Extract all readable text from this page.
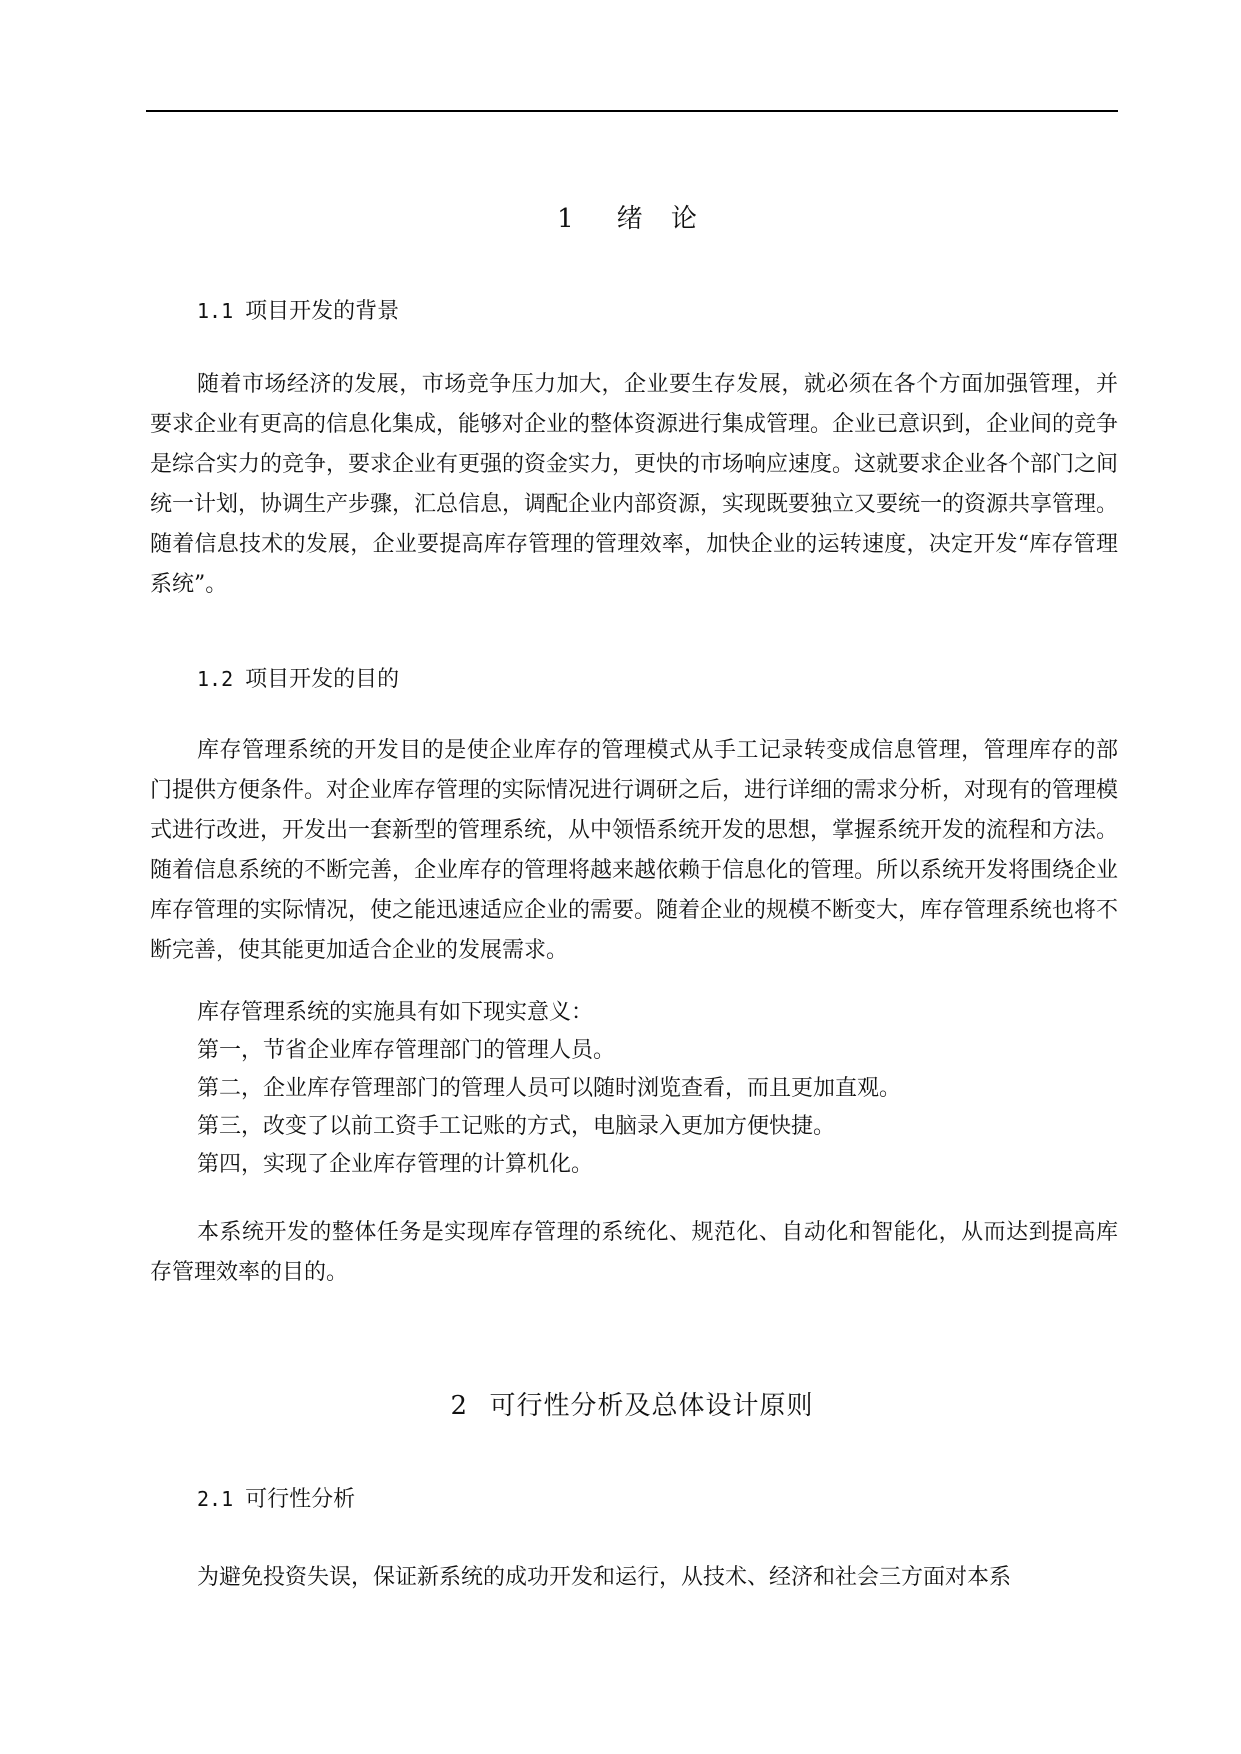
1 绪 论
1.1 项目开发的背景

随着市场经济的发展，市场竞争压力加大，企业要生存发展，就必须在各个方面加强管理，并要求企业有更高的信息化集成，能够对企业的整体资源进行集成管理。企业已意识到，企业间的竞争是综合实力的竞争，要求企业有更强的资金实力，更快的市场响应速度。这就要求企业各个部门之间统一计划，协调生产步骤，汇总信息，调配企业内部资源，实现既要独立又要统一的资源共享管理。随着信息技术的发展，企业要提高库存管理的管理效率，加快企业的运转速度，决定开发“库存管理系统”。

1.2 项目开发的目的

库存管理系统的开发目的是使企业库存的管理模式从手工记录转变成信息管理，管理库存的部门提供方便条件。对企业库存管理的实际情况进行调研之后，进行详细的需求分析，对现有的管理模式进行改进，开发出一套新型的管理系统，从中领悟系统开发的思想，掌握系统开发的流程和方法。随着信息系统的不断完善，企业库存的管理将越来越依赖于信息化的管理。所以系统开发将围绕企业库存管理的实际情况，使之能迅速适应企业的需要。随着企业的规模不断变大，库存管理系统也将不断完善，使其能更加适合企业的发展需求。

库存管理系统的实施具有如下现实意义：

第一，节省企业库存管理部门的管理人员。

第二，企业库存管理部门的管理人员可以随时浏览查看，而且更加直观。

第三，改变了以前工资手工记账的方式，电脑录入更加方便快捷。

第四，实现了企业库存管理的计算机化。

本系统开发的整体任务是实现库存管理的系统化、规范化、自动化和智能化，从而达到提高库存管理效率的目的。

2 可行性分析及总体设计原则
2.1 可行性分析

为避免投资失误，保证新系统的成功开发和运行，从技术、经济和社会三方面对本系
